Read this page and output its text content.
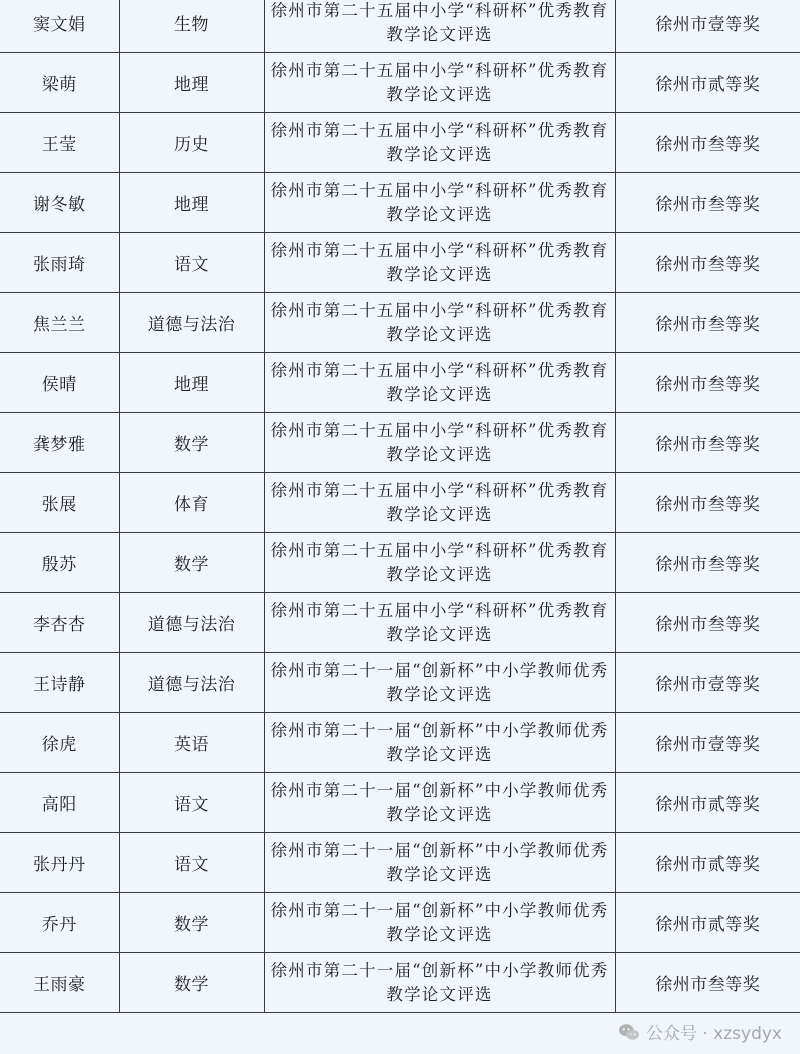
窦文娟	生物	徐州市第二十五届中小学“科研杯”优秀教育教学论文评选	徐州市壹等奖
梁萌	地理	徐州市第二十五届中小学“科研杯”优秀教育教学论文评选	徐州市贰等奖
王莹	历史	徐州市第二十五届中小学“科研杯”优秀教育教学论文评选	徐州市叁等奖
谢冬敏	地理	徐州市第二十五届中小学“科研杯”优秀教育教学论文评选	徐州市叁等奖
张雨琦	语文	徐州市第二十五届中小学“科研杯”优秀教育教学论文评选	徐州市叁等奖
焦兰兰	道德与法治	徐州市第二十五届中小学“科研杯”优秀教育教学论文评选	徐州市叁等奖
侯晴	地理	徐州市第二十五届中小学“科研杯”优秀教育教学论文评选	徐州市叁等奖
龚梦雅	数学	徐州市第二十五届中小学“科研杯”优秀教育教学论文评选	徐州市叁等奖
张展	体育	徐州市第二十五届中小学“科研杯”优秀教育教学论文评选	徐州市叁等奖
殷苏	数学	徐州市第二十五届中小学“科研杯”优秀教育教学论文评选	徐州市叁等奖
李杏杏	道德与法治	徐州市第二十五届中小学“科研杯”优秀教育教学论文评选	徐州市叁等奖
王诗静	道德与法治	徐州市第二十一届“创新杯”中小学教师优秀教学论文评选	徐州市壹等奖
徐虎	英语	徐州市第二十一届“创新杯”中小学教师优秀教学论文评选	徐州市壹等奖
高阳	语文	徐州市第二十一届“创新杯”中小学教师优秀教学论文评选	徐州市贰等奖
张丹丹	语文	徐州市第二十一届“创新杯”中小学教师优秀教学论文评选	徐州市贰等奖
乔丹	数学	徐州市第二十一届“创新杯”中小学教师优秀教学论文评选	徐州市贰等奖
王雨豪	数学	徐州市第二十一届“创新杯”中小学教师优秀教学论文评选	徐州市叁等奖
公众号 · xzsydyx
